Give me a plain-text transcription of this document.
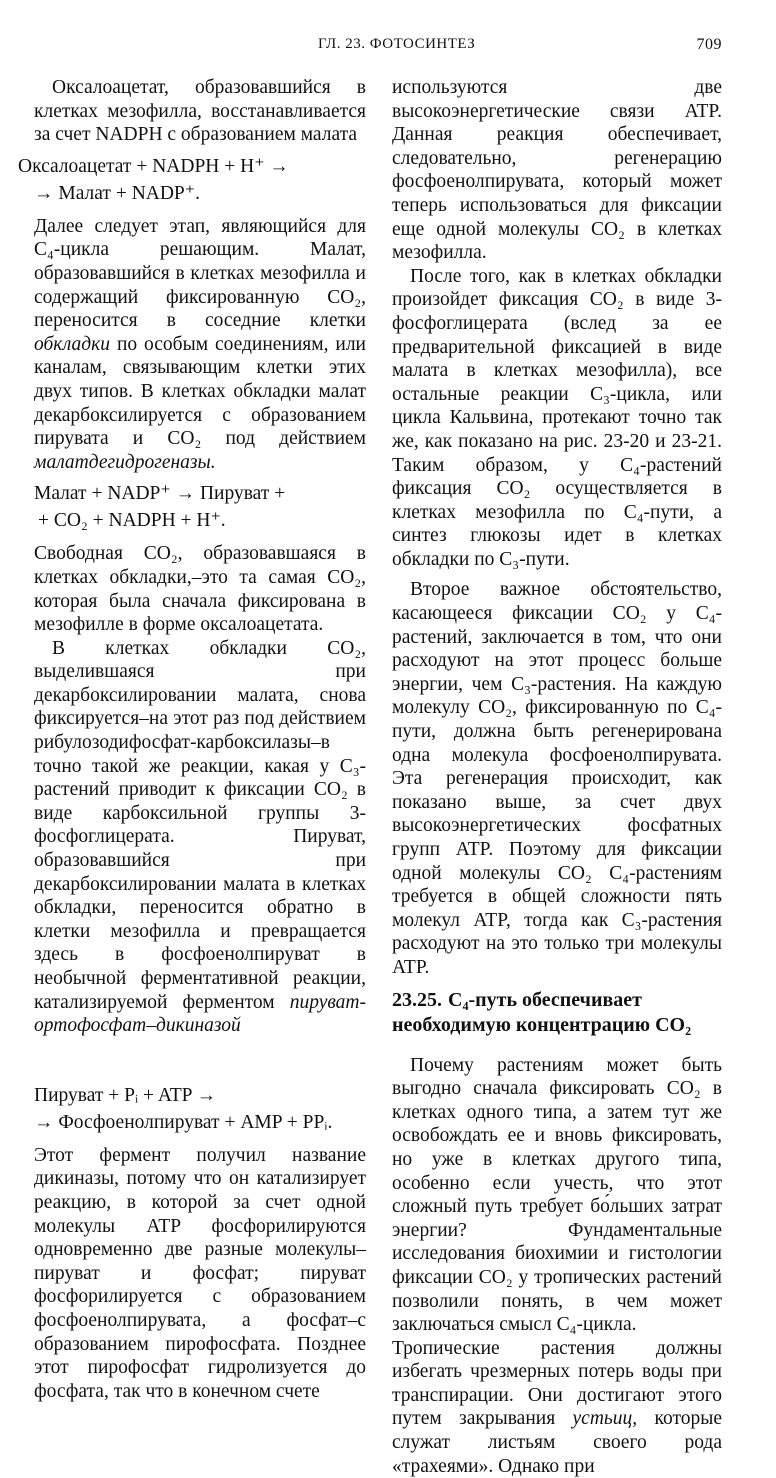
ГЛ. 23. ФОТОСИНТЕЗ	709

Оксалоацетат, образовавшийся в клетках мезофилла, восстанавливается за счет NADPH с образованием малата

Оксалоацетат + NADPH + H⁺ →
→ Малат + NADP⁺.

Далее следует этап, являющийся для C₄-цикла решающим. Малат, образовавшийся в клетках мезофилла и содержащий фиксированную CO₂, переносится в соседние клетки обкладки по особым соединениям, или каналам, связывающим клетки этих двух типов. В клетках обкладки малат декарбоксилируется с образованием пирувата и CO₂ под действием малатдегидрогеназы.

Малат + NADP⁺ → Пируват +
+ CO₂ + NADPH + H⁺.

Свободная CO₂, образовавшаяся в клетках обкладки,–это та самая CO₂, которая была сначала фиксирована в мезофилле в форме оксалоацетата.

В клетках обкладки CO₂, выделившаяся при декарбоксилировании малата, снова фиксируется–на этот раз под действием рибулозодифосфат-карбоксилазы–в точно такой же реакции, какая у C₃-растений приводит к фиксации CO₂ в виде карбоксильной группы 3-фосфоглицерата. Пируват, образовавшийся при декарбоксилировании малата в клетках обкладки, переносится обратно в клетки мезофилла и превращается здесь в фосфоенолпируват в необычной ферментативной реакции, катализируемой ферментом пируват-ортофосфат–дикиназой

Пируват + Pᵢ + ATP →
→ Фосфоенолпируват + AMP + PPᵢ.

Этот фермент получил название дикиназы, потому что он катализирует реакцию, в которой за счет одной молекулы ATP фосфорилируются одновременно две разные молекулы–пируват и фосфат; пируват фосфорилируется с образованием фосфоенолпирувата, а фосфат–с образованием пирофосфата. Позднее этот пирофосфат гидролизуется до фосфата, так что в конечном счете

используются две высокоэнергетические связи ATP. Данная реакция обеспечивает, следовательно, регенерацию фосфоенолпирувата, который может теперь использоваться для фиксации еще одной молекулы CO₂ в клетках мезофилла.

После того, как в клетках обкладки произойдет фиксация CO₂ в виде 3-фосфоглицерата (вслед за ее предварительной фиксацией в виде малата в клетках мезофилла), все остальные реакции C₃-цикла, или цикла Кальвина, протекают точно так же, как показано на рис. 23-20 и 23-21. Таким образом, у C₄-растений фиксация CO₂ осуществляется в клетках мезофилла по C₄-пути, а синтез глюкозы идет в клетках обкладки по C₃-пути.

Второе важное обстоятельство, касающееся фиксации CO₂ у C₄-растений, заключается в том, что они расходуют на этот процесс больше энергии, чем C₃-растения. На каждую молекулу CO₂, фиксированную по C₄-пути, должна быть регенерирована одна молекула фосфоенолпирувата. Эта регенерация происходит, как показано выше, за счет двух высокоэнергетических фосфатных групп ATP. Поэтому для фиксации одной молекулы CO₂ C₄-растениям требуется в общей сложности пять молекул ATP, тогда как C₃-растения расходуют на это только три молекулы ATP.

23.25. C₄-путь обеспечивает необходимую концентрацию CO₂

Почему растениям может быть выгодно сначала фиксировать CO₂ в клетках одного типа, а затем тут же освобождать ее и вновь фиксировать, но уже в клетках другого типа, особенно если учесть, что этот сложный путь требует бо́льших затрат энергии? Фундаментальные исследования биохимии и гистологии фиксации CO₂ у тропических растений позволили понять, в чем может заключаться смысл C₄-цикла.

Тропические растения должны избегать чрезмерных потерь воды при транспирации. Они достигают этого путем закрывания устьиц, которые служат листьям своего рода «трахеями». Однако при
